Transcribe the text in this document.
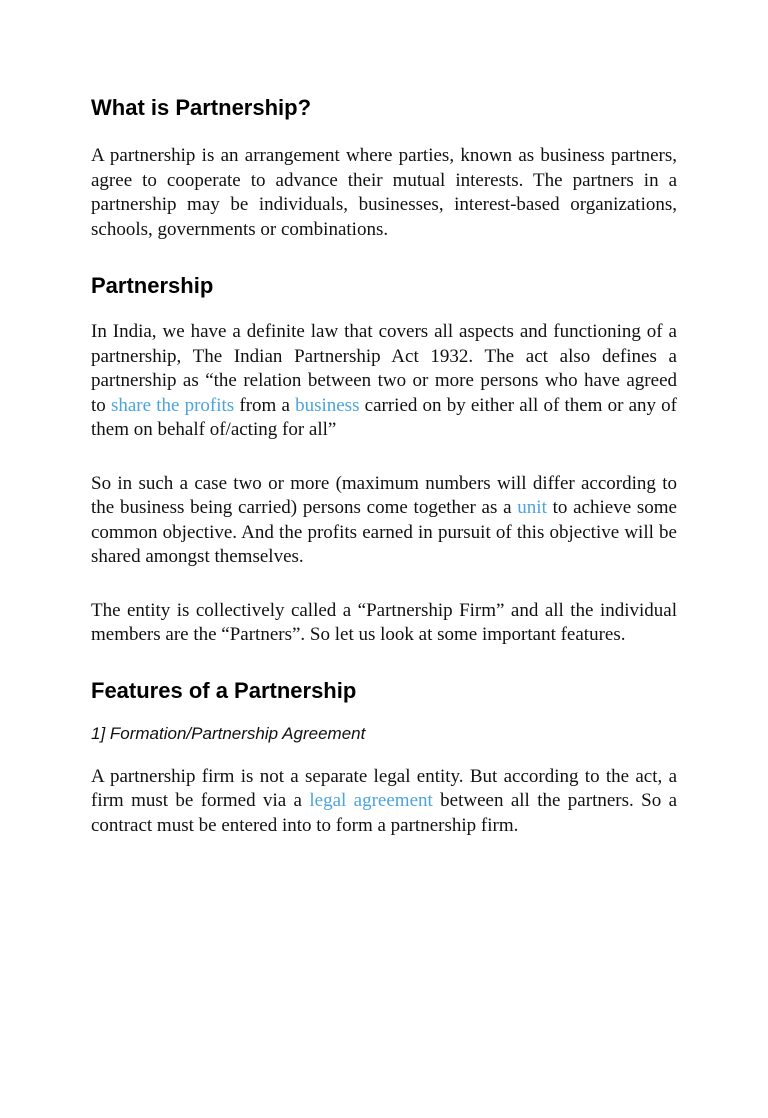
What is Partnership?

A partnership is an arrangement where parties, known as business partners, agree to cooperate to advance their mutual interests. The partners in a partnership may be individuals, businesses, interest-based organizations, schools, governments or combinations.

Partnership

In India, we have a definite law that covers all aspects and functioning of a partnership, The Indian Partnership Act 1932. The act also defines a partnership as “the relation between two or more persons who have agreed to share the profits from a business carried on by either all of them or any of them on behalf of/acting for all”

So in such a case two or more (maximum numbers will differ according to the business being carried) persons come together as a unit to achieve some common objective. And the profits earned in pursuit of this objective will be shared amongst themselves.

The entity is collectively called a “Partnership Firm” and all the individual members are the “Partners”. So let us look at some important features.

Features of a Partnership
1] Formation/Partnership Agreement

A partnership firm is not a separate legal entity. But according to the act, a firm must be formed via a legal agreement between all the partners. So a contract must be entered into to form a partnership firm.
